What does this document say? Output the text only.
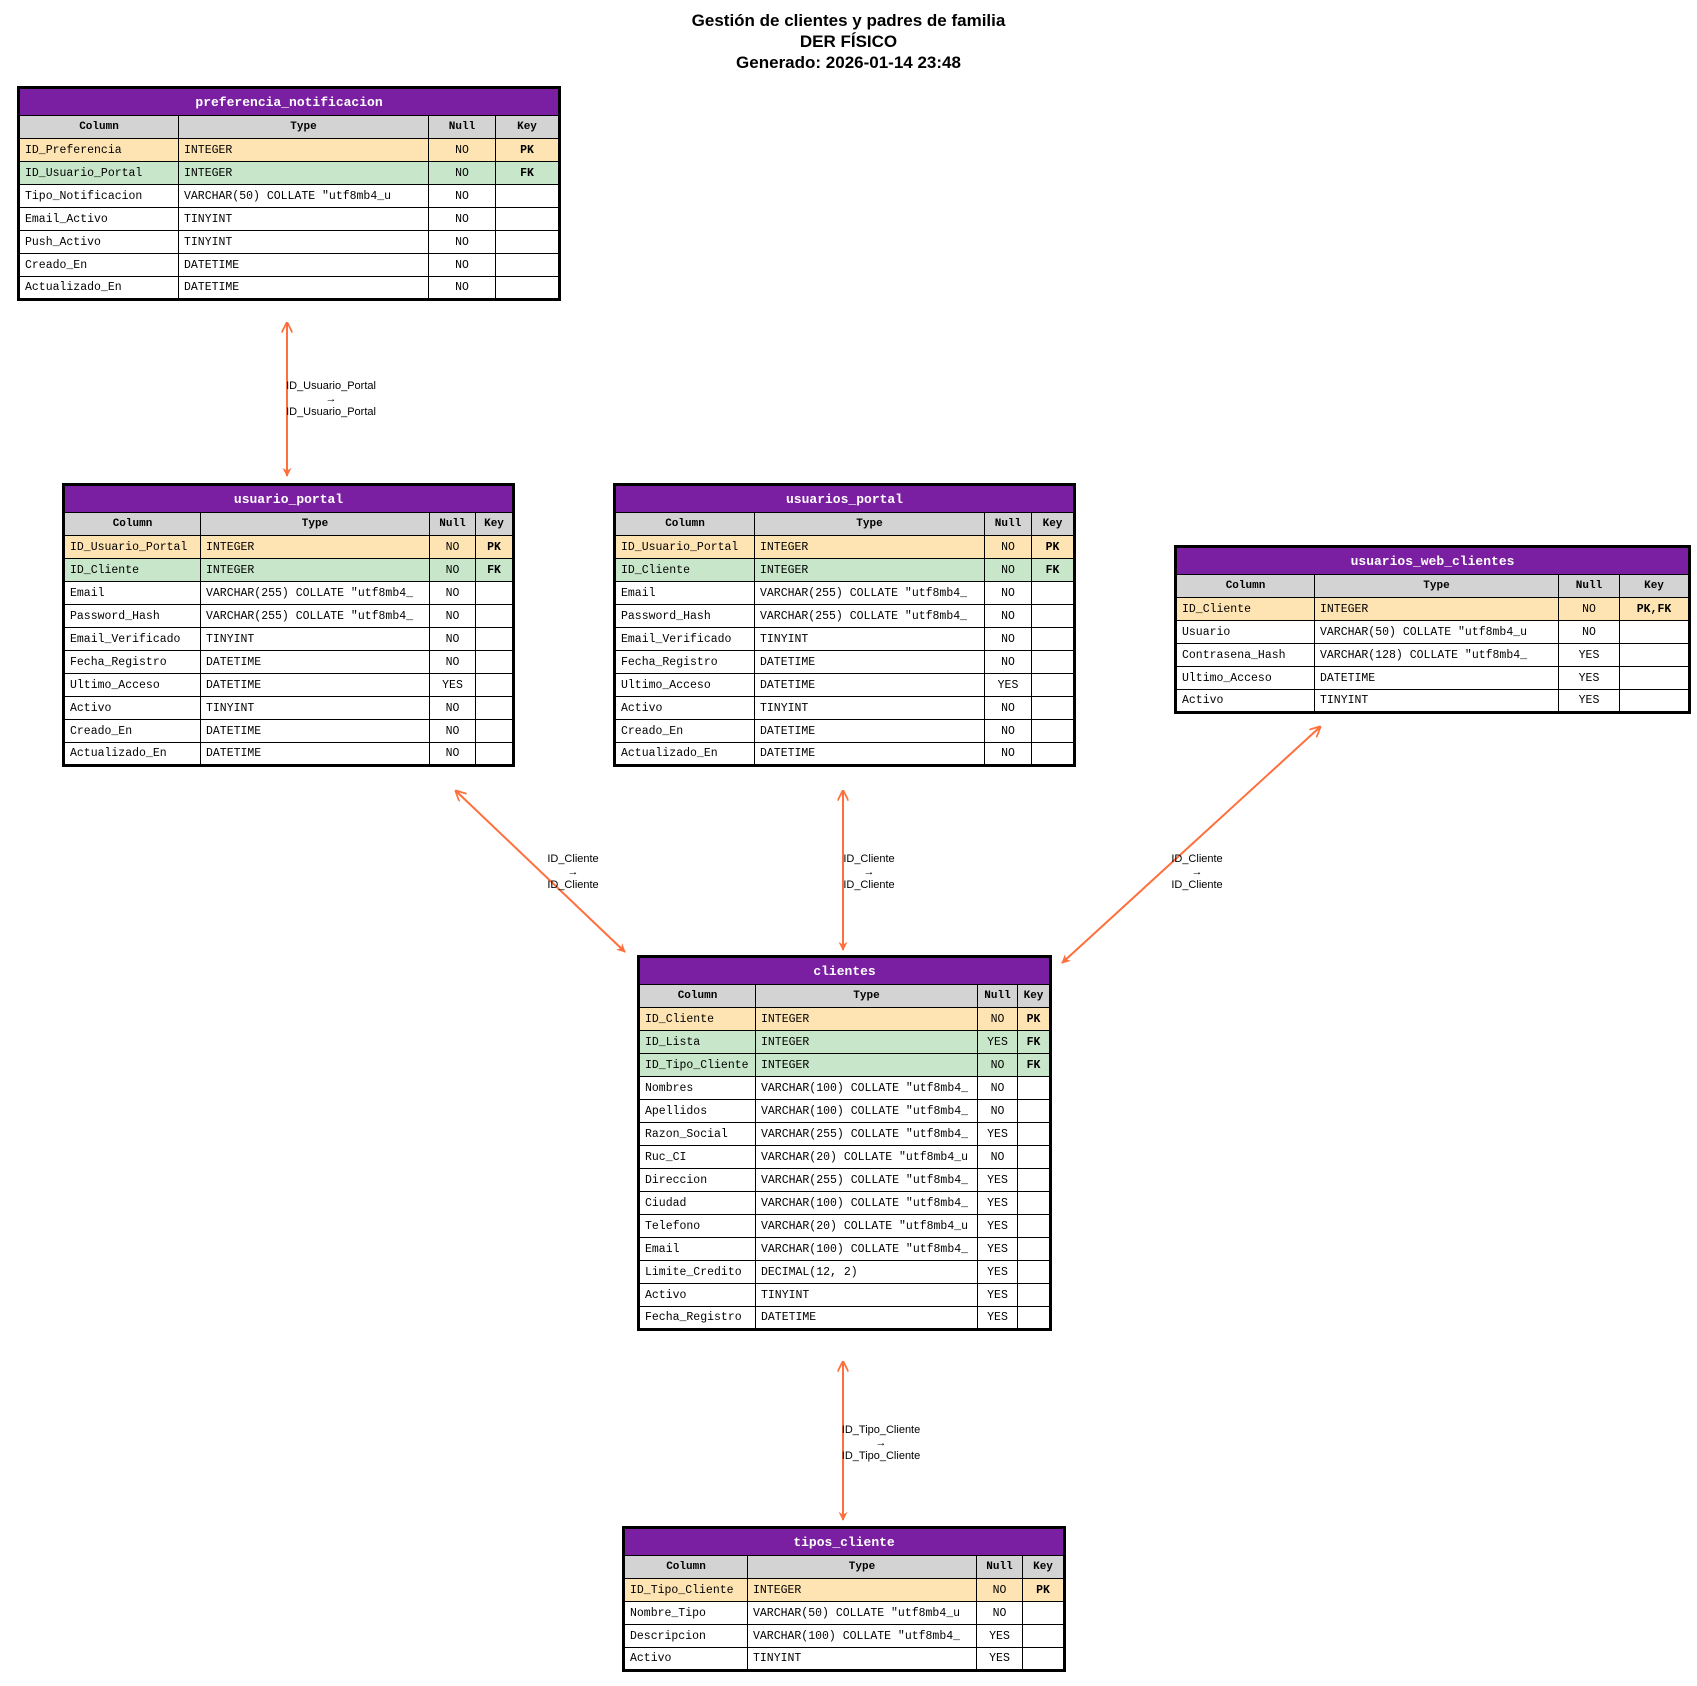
Gestión de clientes y padres de familia
DER FÍSICO
Generado: 2026-01-14 23:48
ID_Usuario_Portal
→
ID_Usuario_Portal
ID_Cliente
→
ID_Cliente
ID_Cliente
→
ID_Cliente
ID_Cliente
→
ID_Cliente
ID_Tipo_Cliente
→
ID_Tipo_Cliente
preferencia_notificacion			
Column	Type	Null	Key
ID_Preferencia	INTEGER	NO	PK
ID_Usuario_Portal	INTEGER	NO	FK
Tipo_Notificacion	VARCHAR(50) COLLATE "utf8mb4_u	NO	
Email_Activo	TINYINT	NO	
Push_Activo	TINYINT	NO	
Creado_En	DATETIME	NO	
Actualizado_En	DATETIME	NO	
usuario_portal			
Column	Type	Null	Key
ID_Usuario_Portal	INTEGER	NO	PK
ID_Cliente	INTEGER	NO	FK
Email	VARCHAR(255) COLLATE "utf8mb4_	NO	
Password_Hash	VARCHAR(255) COLLATE "utf8mb4_	NO	
Email_Verificado	TINYINT	NO	
Fecha_Registro	DATETIME	NO	
Ultimo_Acceso	DATETIME	YES	
Activo	TINYINT	NO	
Creado_En	DATETIME	NO	
Actualizado_En	DATETIME	NO	
usuarios_portal			
Column	Type	Null	Key
ID_Usuario_Portal	INTEGER	NO	PK
ID_Cliente	INTEGER	NO	FK
Email	VARCHAR(255) COLLATE "utf8mb4_	NO	
Password_Hash	VARCHAR(255) COLLATE "utf8mb4_	NO	
Email_Verificado	TINYINT	NO	
Fecha_Registro	DATETIME	NO	
Ultimo_Acceso	DATETIME	YES	
Activo	TINYINT	NO	
Creado_En	DATETIME	NO	
Actualizado_En	DATETIME	NO	
usuarios_web_clientes			
Column	Type	Null	Key
ID_Cliente	INTEGER	NO	PK,FK
Usuario	VARCHAR(50) COLLATE "utf8mb4_u	NO	
Contrasena_Hash	VARCHAR(128) COLLATE "utf8mb4_	YES	
Ultimo_Acceso	DATETIME	YES	
Activo	TINYINT	YES	
clientes			
Column	Type	Null	Key
ID_Cliente	INTEGER	NO	PK
ID_Lista	INTEGER	YES	FK
ID_Tipo_Cliente	INTEGER	NO	FK
Nombres	VARCHAR(100) COLLATE "utf8mb4_	NO	
Apellidos	VARCHAR(100) COLLATE "utf8mb4_	NO	
Razon_Social	VARCHAR(255) COLLATE "utf8mb4_	YES	
Ruc_CI	VARCHAR(20) COLLATE "utf8mb4_u	NO	
Direccion	VARCHAR(255) COLLATE "utf8mb4_	YES	
Ciudad	VARCHAR(100) COLLATE "utf8mb4_	YES	
Telefono	VARCHAR(20) COLLATE "utf8mb4_u	YES	
Email	VARCHAR(100) COLLATE "utf8mb4_	YES	
Limite_Credito	DECIMAL(12, 2)	YES	
Activo	TINYINT	YES	
Fecha_Registro	DATETIME	YES	
tipos_cliente			
Column	Type	Null	Key
ID_Tipo_Cliente	INTEGER	NO	PK
Nombre_Tipo	VARCHAR(50) COLLATE "utf8mb4_u	NO	
Descripcion	VARCHAR(100) COLLATE "utf8mb4_	YES	
Activo	TINYINT	YES	
